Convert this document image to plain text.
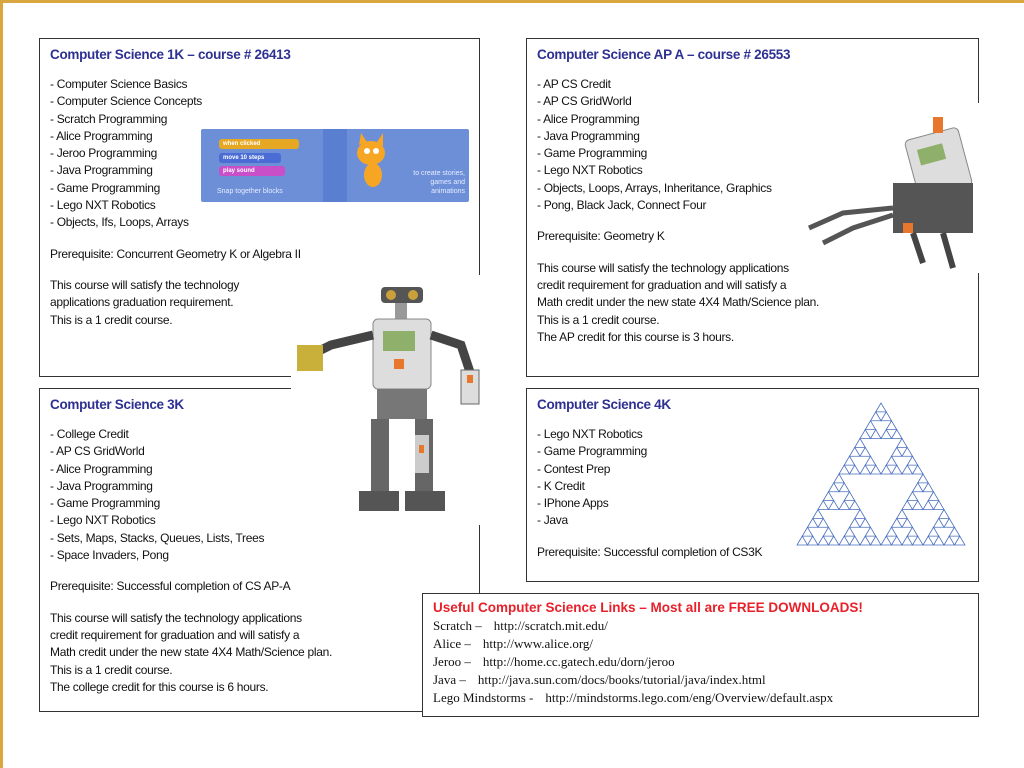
Computer Science 1K – course # 26413
- Computer Science Basics
- Computer Science Concepts
- Scratch Programming
- Alice Programming
- Jeroo Programming
- Java Programming
- Game Programming
- Lego NXT Robotics
- Objects, Ifs, Loops, Arrays
Prerequisite: Concurrent Geometry K or Algebra II
This course will satisfy the technology
applications graduation requirement.
This is a 1 credit course.
Computer Science AP A – course # 26553
- AP CS Credit
- AP CS GridWorld
- Alice Programming
- Java Programming
- Game Programming
- Lego NXT Robotics
- Objects, Loops, Arrays, Inheritance, Graphics
- Pong, Black Jack, Connect Four
Prerequisite: Geometry K
This course will satisfy the technology applications
credit requirement for graduation and will satisfy a
Math credit under the new state 4X4 Math/Science plan.
This is a 1 credit course.
The AP credit for this course is 3 hours.
Computer Science 3K
- College Credit
- AP CS GridWorld
- Alice Programming
- Java Programming
- Game Programming
- Lego NXT Robotics
- Sets, Maps, Stacks, Queues, Lists, Trees
- Space Invaders, Pong
Prerequisite: Successful completion of CS AP-A
This course will satisfy the technology applications
credit requirement for graduation and will satisfy a
Math credit under the new state 4X4 Math/Science plan.
This is a 1 credit course.
The college credit for this course is 6 hours.
Computer Science 4K
- Lego NXT Robotics
- Game Programming
- Contest Prep
- K Credit
- IPhone Apps
- Java
Prerequisite: Successful completion of CS3K
Useful Computer Science Links – Most all are FREE DOWNLOADS!
Scratch – http://scratch.mit.edu/
Alice – http://www.alice.org/
Jeroo – http://home.cc.gatech.edu/dorn/jeroo
Java – http://java.sun.com/docs/books/tutorial/java/index.html
Lego Mindstorms - http://mindstorms.lego.com/eng/Overview/default.aspx
when clicked
move 10 steps
play sound
Snap together blocks
to create stories, games and animations
